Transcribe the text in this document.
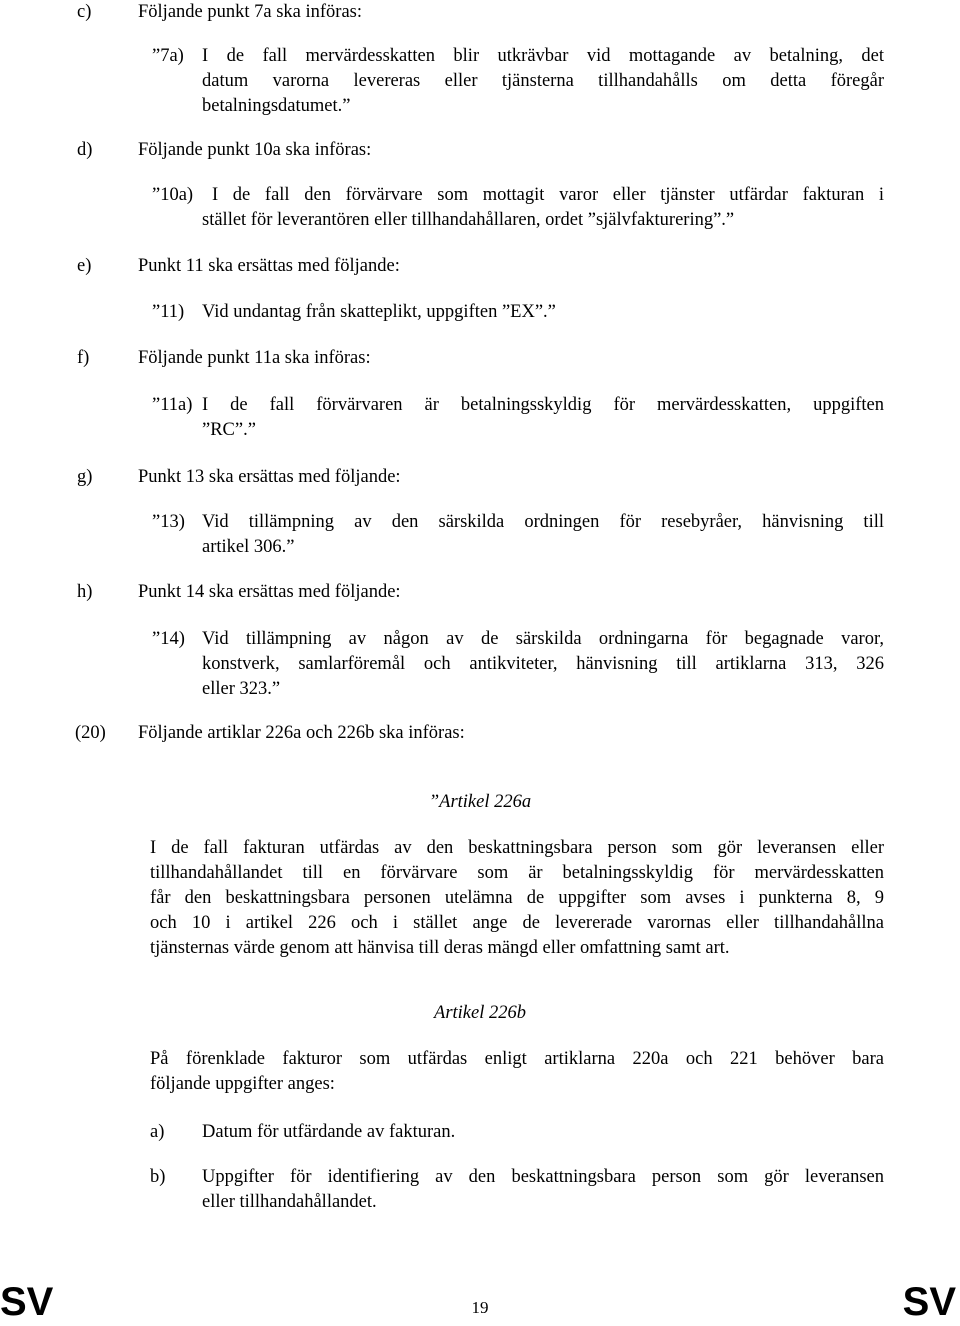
c)	Följande punkt 7a ska införas:
”7a) I de fall mervärdesskatten blir utkrävbar vid mottagande av betalning, det
datum varorna levereras eller tjänsterna tillhandahålls om detta föregår
betalningsdatumet.”
d) Följande punkt 10a ska införas:
”10a) I de fall den förvärvare som mottagit varor eller tjänster utfärdar fakturan i
stället för leverantören eller tillhandahållaren, ordet ”självfakturering”.”
e)	Punkt 11 ska ersättas med följande:
”11) Vid undantag från skatteplikt, uppgiften ”EX”.”
f)	Följande punkt 11a ska införas:
”11a) I de fall förvärvaren är betalningsskyldig för mervärdesskatten, uppgiften
”RC”.”
g) Punkt 13 ska ersättas med följande:
”13) Vid tillämpning av den särskilda ordningen för resebyråer, hänvisning till
artikel 306.”
h) Punkt 14 ska ersättas med följande:
”14) Vid tillämpning av någon av de särskilda ordningarna för begagnade varor,
konstverk, samlarföremål och antikviteter, hänvisning till artiklarna 313, 326
eller 323.”
(20) Följande artiklar 226a och 226b ska införas:
”Artikel 226a
I de fall fakturan utfärdas av den beskattningsbara person som gör leveransen eller
tillhandahållandet till en förvärvare som är betalningsskyldig för mervärdesskatten
får den beskattningsbara personen utelämna de uppgifter som avses i punkterna 8, 9
och 10 i artikel 226 och i stället ange de levererade varornas eller tillhandahållna
tjänsternas värde genom att hänvisa till deras mängd eller omfattning samt art.
Artikel 226b
På förenklade fakturor som utfärdas enligt artiklarna 220a och 221 behöver bara
följande uppgifter anges:
a) Datum för utfärdande av fakturan.
b) Uppgifter för identifiering av den beskattningsbara person som gör leveransen
eller tillhandahållandet.
SV	19	SV
